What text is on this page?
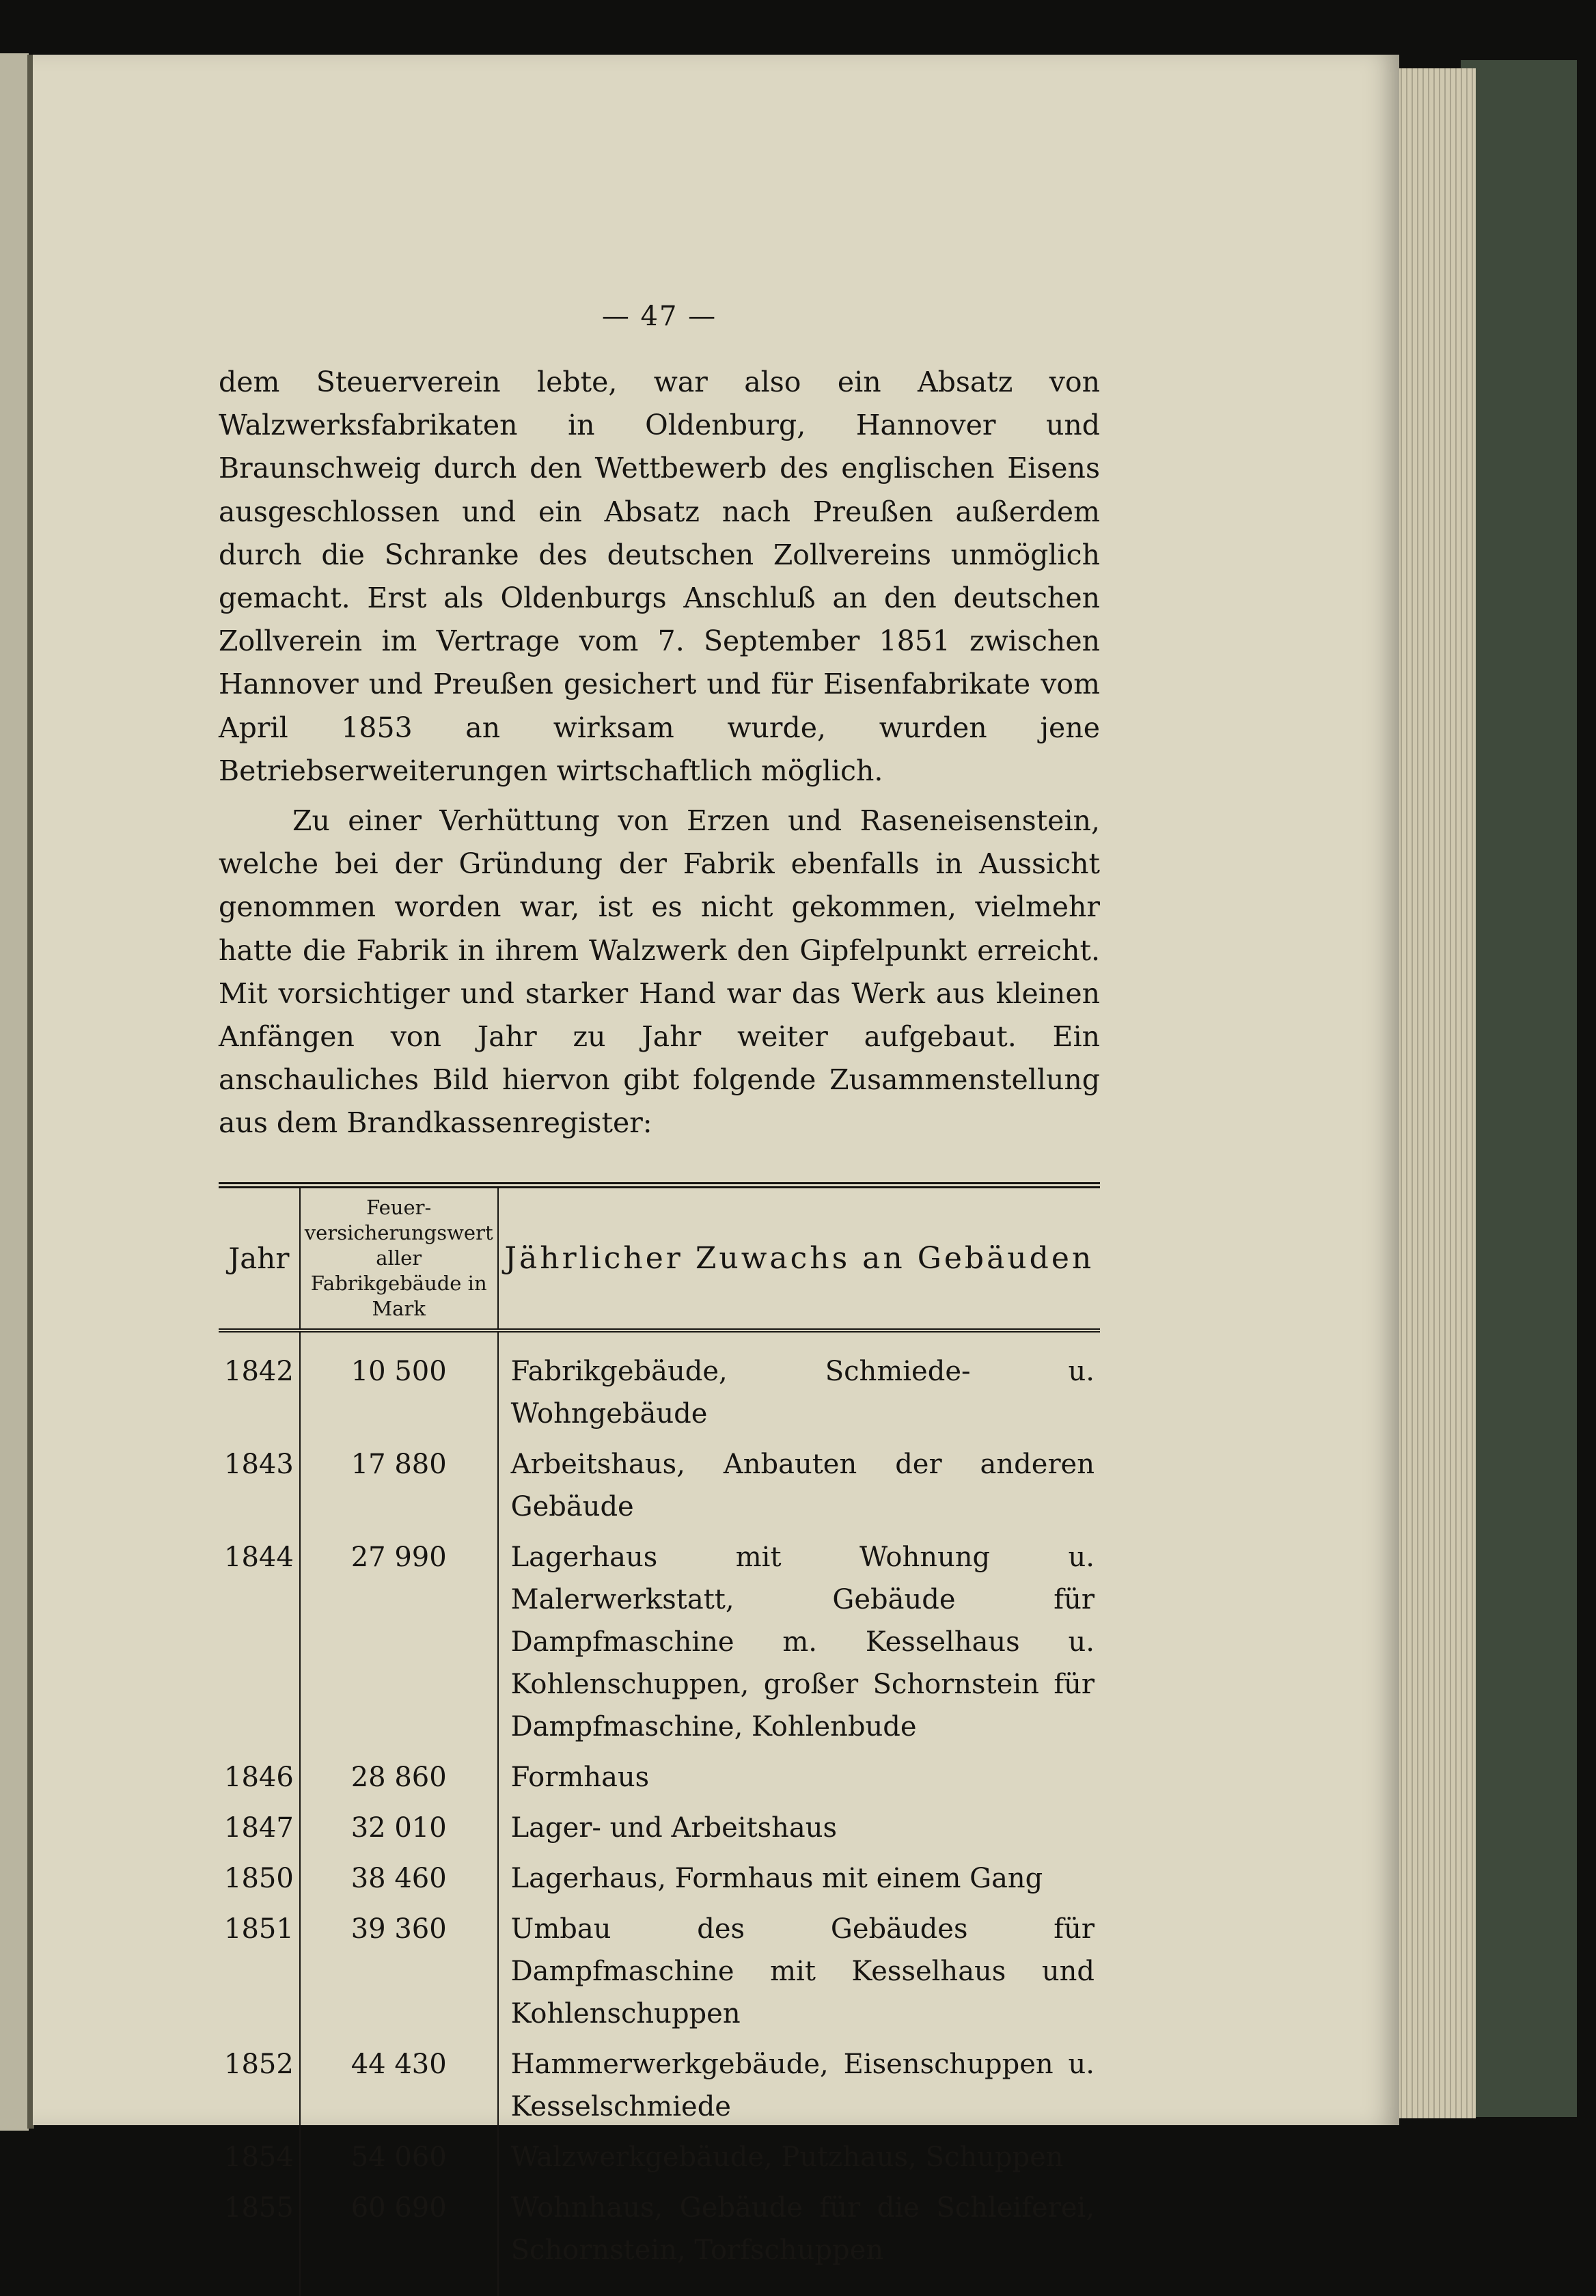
— 47 —

dem Steuerverein lebte, war also ein Absatz von Walzwerksfabrikaten in Oldenburg, Hannover und Braunschweig durch den Wettbewerb des englischen Eisens ausgeschlossen und ein Absatz nach Preußen außerdem durch die Schranke des deutschen Zollvereins unmöglich gemacht. Erst als Oldenburgs Anschluß an den deutschen Zollverein im Vertrage vom 7. September 1851 zwischen Hannover und Preußen gesichert und für Eisenfabrikate vom April 1853 an wirksam wurde, wurden jene Betriebserweiterungen wirtschaftlich möglich.

Zu einer Verhüttung von Erzen und Raseneisenstein, welche bei der Gründung der Fabrik ebenfalls in Aussicht genommen worden war, ist es nicht gekommen, vielmehr hatte die Fabrik in ihrem Walzwerk den Gipfelpunkt erreicht. Mit vorsichtiger und starker Hand war das Werk aus kleinen Anfängen von Jahr zu Jahr weiter aufgebaut. Ein anschauliches Bild hiervon gibt folgende Zusammenstellung aus dem Brandkassenregister:

Jahr	Feuer-versicherungswert aller Fabrikgebäude in Mark	Jährlicher Zuwachs an Gebäuden
1842	10 500	Fabrikgebäude, Schmiede- u. Wohngebäude
1843	17 880	Arbeitshaus, Anbauten der anderen Gebäude
1844	27 990	Lagerhaus mit Wohnung u. Malerwerkstatt, Gebäude für Dampfmaschine m. Kesselhaus u. Kohlenschuppen, großer Schornstein für Dampfmaschine, Kohlenbude
1846	28 860	Formhaus
1847	32 010	Lager- und Arbeitshaus
1850	38 460	Lagerhaus, Formhaus mit einem Gang
1851	39 360	Umbau des Gebäudes für Dampfmaschine mit Kesselhaus und Kohlenschuppen
1852	44 430	Hammerwerkgebäude, Eisenschuppen u. Kesselschmiede
1854	54 060	Walzwerkgebäude, Putzhaus, Schuppen
1855	60 690	Wohnhaus, Gebäude für die Schleiferei, Schornstein, Torfschuppen
